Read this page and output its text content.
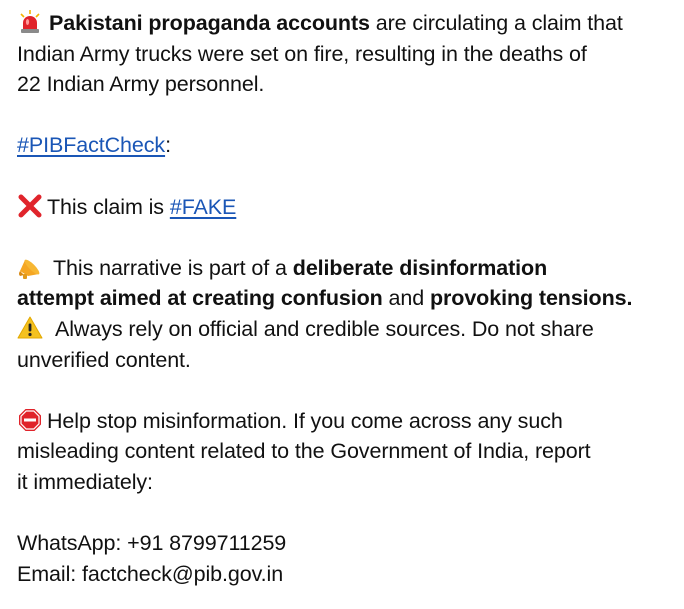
Pakistani propaganda accounts are circulating a claim that
Indian Army trucks were set on fire, resulting in the deaths of
22 Indian Army personnel.
#PIBFactCheck:
This claim is #FAKE
This narrative is part of a deliberate disinformation
attempt aimed at creating confusion and provoking tensions.
Always rely on official and credible sources. Do not share
unverified content.
Help stop misinformation. If you come across any such
misleading content related to the Government of India, report
it immediately:
WhatsApp: +91 8799711259
Email: factcheck@pib.gov.in
